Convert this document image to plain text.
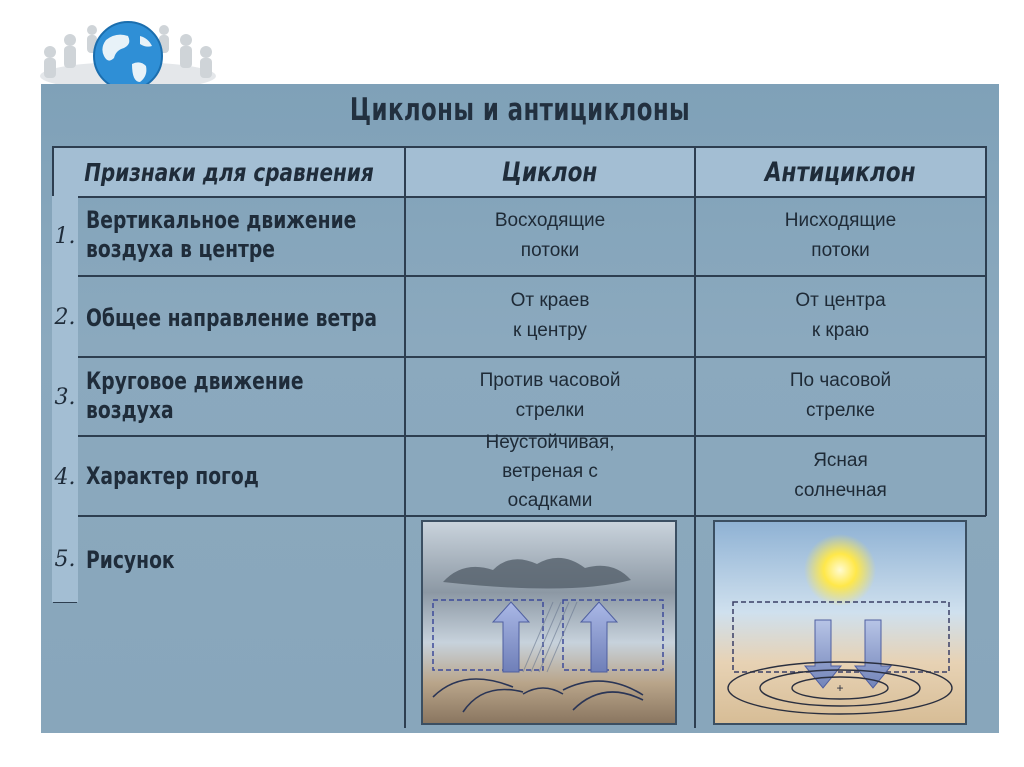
Циклоны и антициклоны
Признаки для сравнения	Циклон	Антициклон
1.
Вертикальное движение
воздуха в центре
Восходящие
потоки
Нисходящие
потоки
2. Общее направление ветра
От краев
к центру
От центра
к краю
3.
Круговое движение
воздуха
Против часовой
стрелки
По часовой
стрелке
4. Характер погод
Неустойчивая,
ветреная с
осадками
Ясная
солнечная
5. Рисунок
+
